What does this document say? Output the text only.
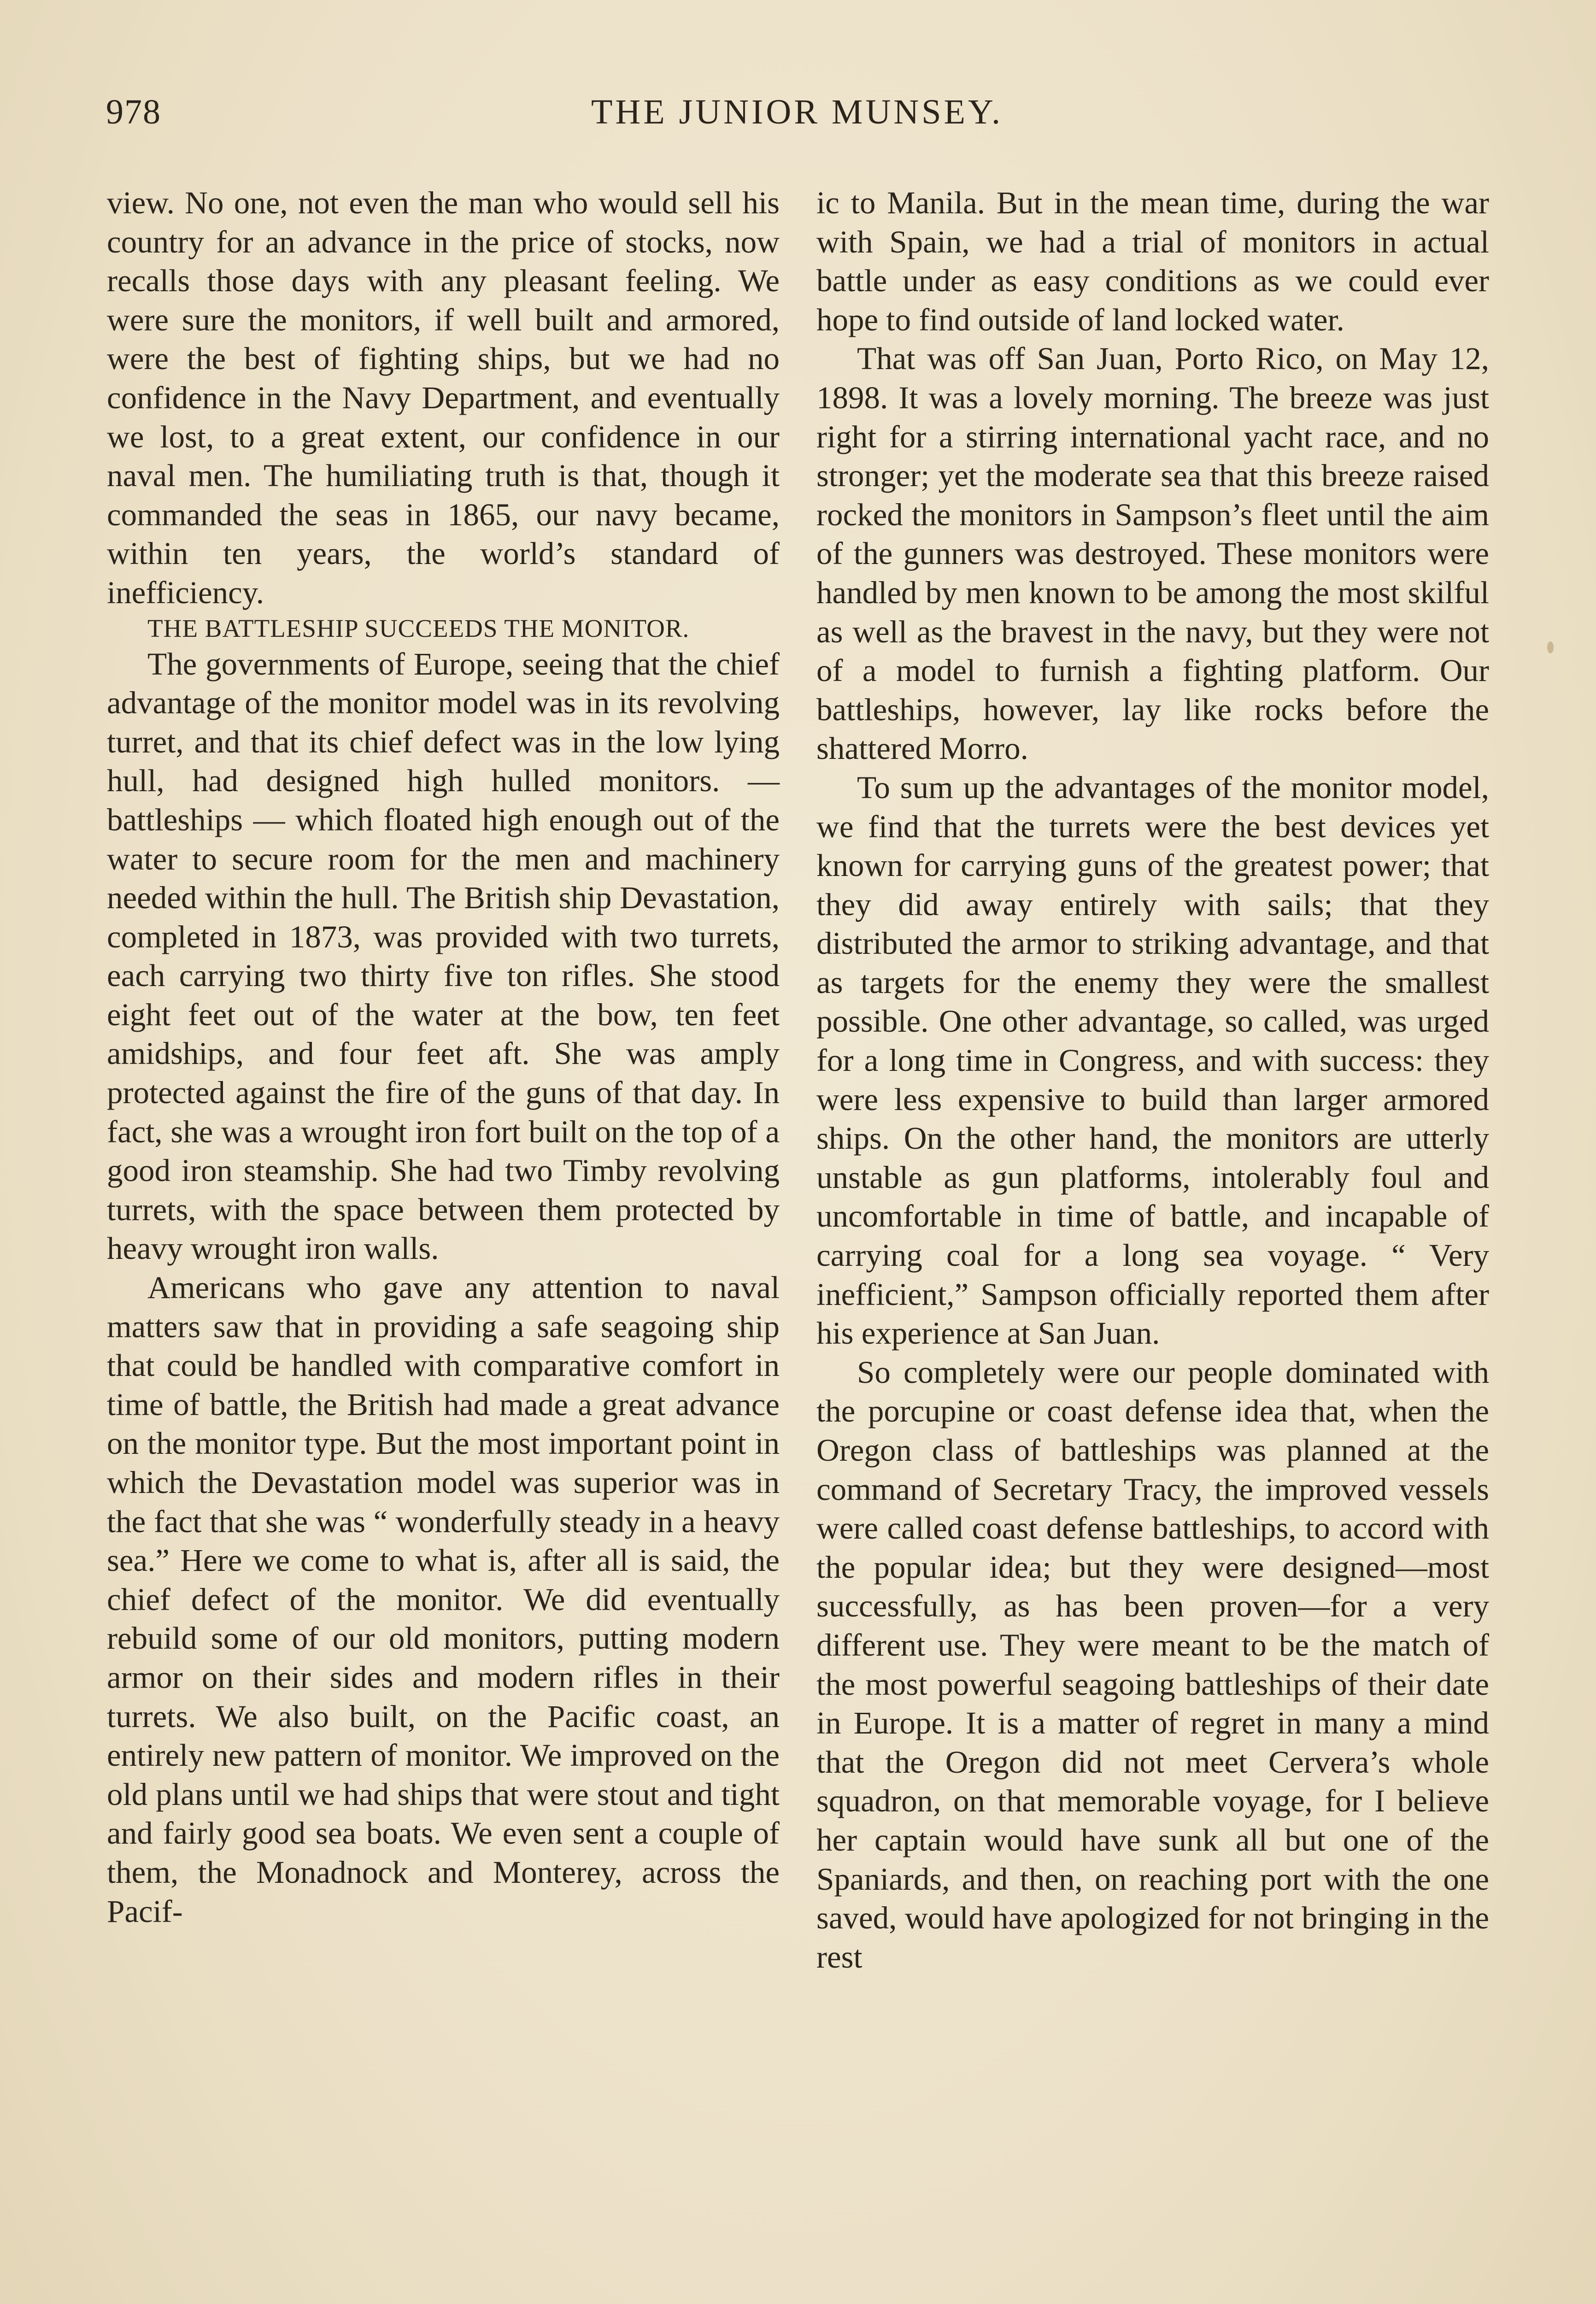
978	THE JUNIOR MUNSEY.

view. No one, not even the man who would sell his country for an advance in the price of stocks, now recalls those days with any pleasant feeling. We were sure the monitors, if well built and armored, were the best of fighting ships, but we had no confidence in the Navy Department, and eventually we lost, to a great extent, our confidence in our naval men. The humiliating truth is that, though it commanded the seas in 1865, our navy became, within ten years, the world’s standard of inefficiency.

THE BATTLESHIP SUCCEEDS THE MONITOR.

The governments of Europe, seeing that the chief advantage of the monitor model was in its revolving turret, and that its chief defect was in the low lying hull, had designed high hulled monitors. — battleships — which floated high enough out of the water to secure room for the men and machinery needed within the hull. The British ship Devastation, completed in 1873, was provided with two turrets, each carrying two thirty five ton rifles. She stood eight feet out of the water at the bow, ten feet amidships, and four feet aft. She was amply protected against the fire of the guns of that day. In fact, she was a wrought iron fort built on the top of a good iron steamship. She had two Timby revolving turrets, with the space between them protected by heavy wrought iron walls.

Americans who gave any attention to naval matters saw that in providing a safe seagoing ship that could be handled with comparative comfort in time of battle, the British had made a great advance on the monitor type. But the most important point in which the Devastation model was superior was in the fact that she was “ wonderfully steady in a heavy sea.” Here we come to what is, after all is said, the chief defect of the monitor. We did eventually rebuild some of our old monitors, putting modern armor on their sides and modern rifles in their turrets. We also built, on the Pacific coast, an entirely new pattern of monitor. We improved on the old plans until we had ships that were stout and tight and fairly good sea boats. We even sent a couple of them, the Monadnock and Monterey, across the Pacif-

ic to Manila. But in the mean time, during the war with Spain, we had a trial of monitors in actual battle under as easy conditions as we could ever hope to find outside of land locked water.

That was off San Juan, Porto Rico, on May 12, 1898. It was a lovely morning. The breeze was just right for a stirring international yacht race, and no stronger; yet the moderate sea that this breeze raised rocked the monitors in Sampson’s fleet until the aim of the gunners was destroyed. These monitors were handled by men known to be among the most skilful as well as the bravest in the navy, but they were not of a model to furnish a fighting platform. Our battleships, however, lay like rocks before the shattered Morro.

To sum up the advantages of the monitor model, we find that the turrets were the best devices yet known for carrying guns of the greatest power; that they did away entirely with sails; that they distributed the armor to striking advantage, and that as targets for the enemy they were the smallest possible. One other advantage, so called, was urged for a long time in Congress, and with success: they were less expensive to build than larger armored ships. On the other hand, the monitors are utterly unstable as gun platforms, intolerably foul and uncomfortable in time of battle, and incapable of carrying coal for a long sea voyage. “ Very inefficient,” Sampson officially reported them after his experience at San Juan.

So completely were our people dominated with the porcupine or coast defense idea that, when the Oregon class of battleships was planned at the command of Secretary Tracy, the improved vessels were called coast defense battleships, to accord with the popular idea; but they were designed—most successfully, as has been proven—for a very different use. They were meant to be the match of the most powerful seagoing battleships of their date in Europe. It is a matter of regret in many a mind that the Oregon did not meet Cervera’s whole squadron, on that memorable voyage, for I believe her captain would have sunk all but one of the Spaniards, and then, on reaching port with the one saved, would have apologized for not bringing in the rest
